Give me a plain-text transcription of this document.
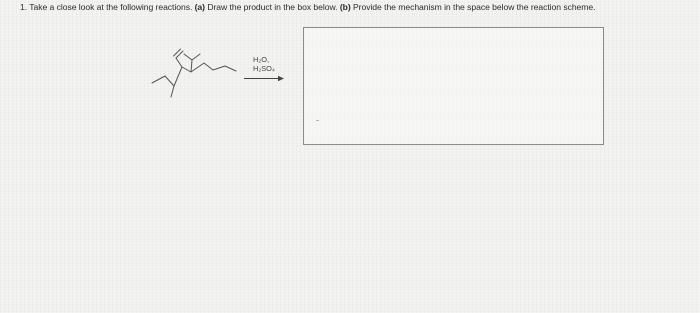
1. Take a close look at the following reactions. (a) Draw the product in the box below. (b) Provide the mechanism in the space below the reaction scheme.
H₂O,
H₂SO₄
